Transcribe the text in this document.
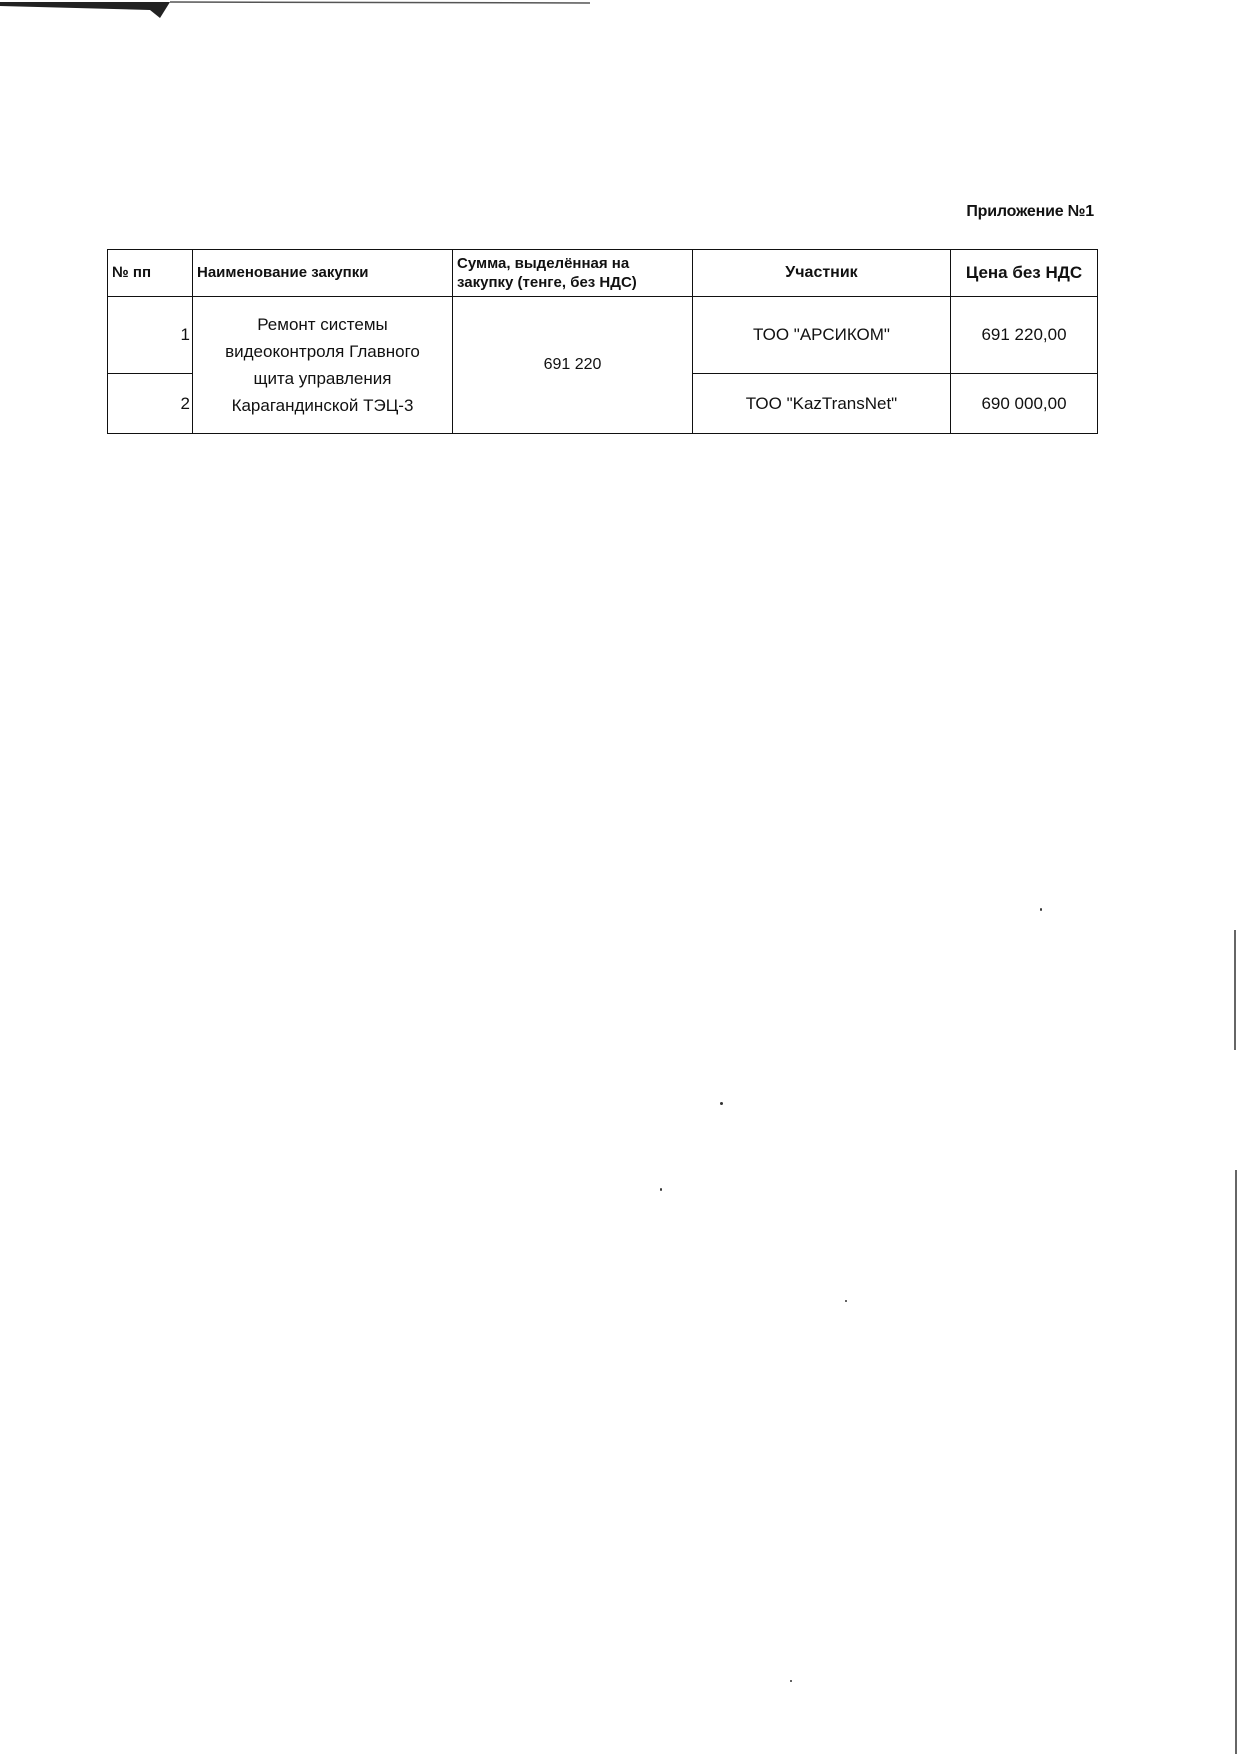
Приложение №1
№ пп	Наименование закупки	Сумма, выделённая на закупку (тенге, без НДС)	Участник	Цена без НДС
1	Ремонт системы видеоконтроля Главного щита управления Карагандинской ТЭЦ-3	691 220	ТОО "АРСИКОМ"	691 220,00
2			ТОО "KazTransNet"	690 000,00
